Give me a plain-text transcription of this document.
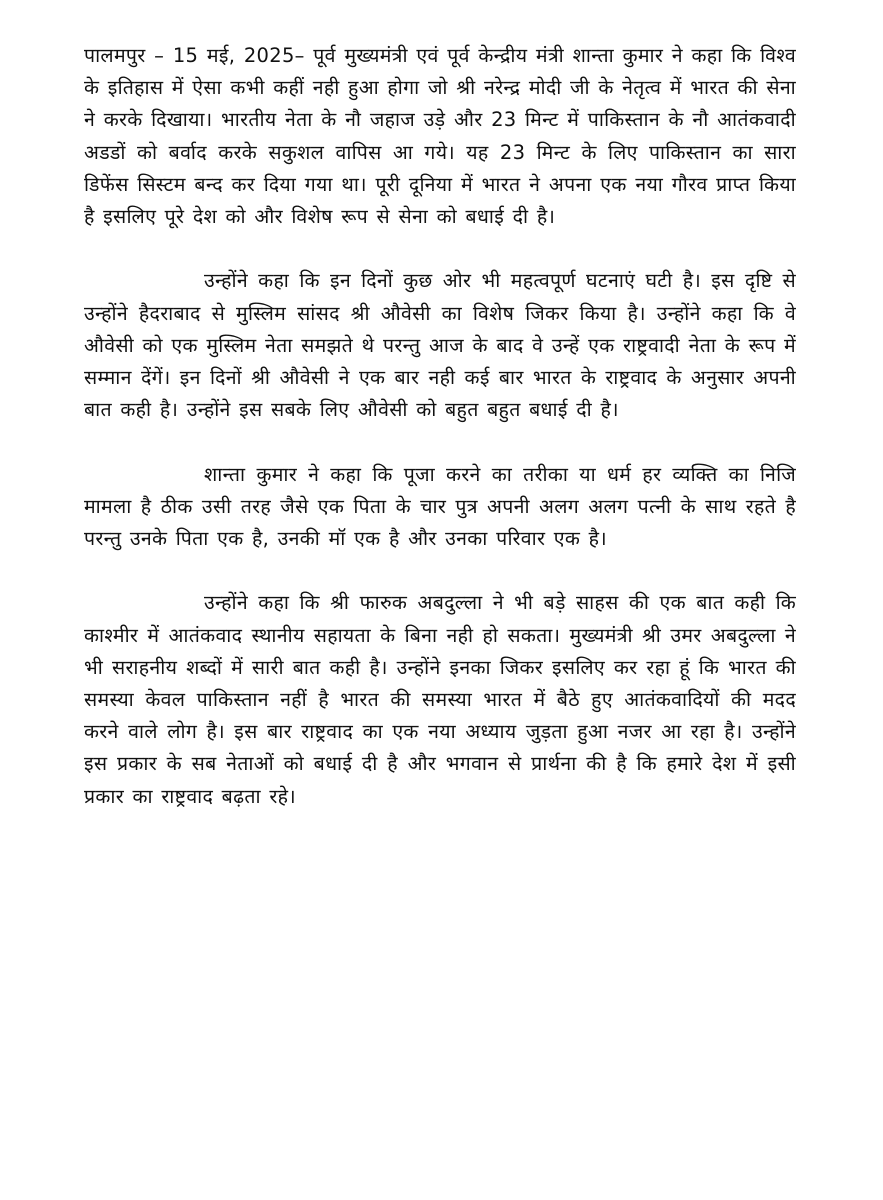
पालमपुर – 15 मई, 2025– पूर्व मुख्यमंत्री एवं पूर्व केन्द्रीय मंत्री शान्ता कुमार ने कहा कि विश्व के इतिहास में ऐसा कभी कहीं नही हुआ होगा जो श्री नरेन्द्र मोदी जी के नेतृत्व में भारत की सेना ने करके दिखाया। भारतीय नेता के नौ जहाज उड़े और 23 मिन्ट में पाकिस्तान के नौ आतंकवादी अडडों को बर्वाद करके सकुशल वापिस आ गये। यह 23 मिन्ट के लिए पाकिस्तान का सारा डिफेंस सिस्टम बन्द कर दिया गया था। पूरी दूनिया में भारत ने अपना एक नया गौरव प्राप्त किया है इसलिए पूरे देश को और विशेष रूप से सेना को बधाई दी है।

उन्होंने कहा कि इन दिनों कुछ ओर भी महत्वपूर्ण घटनाएं घटी है। इस दृष्टि से उन्होंने हैदराबाद से मुस्लिम सांसद श्री औवेसी का विशेष जिकर किया है। उन्होंने कहा कि वे औवेसी को एक मुस्लिम नेता समझते थे परन्तु आज के बाद वे उन्हें एक राष्ट्रवादी नेता के रूप में सम्मान देंगें। इन दिनों श्री औवेसी ने एक बार नही कई बार भारत के राष्ट्रवाद के अनुसार अपनी बात कही है। उन्होंने इस सबके लिए औवेसी को बहुत बहुत बधाई दी है।

शान्ता कुमार ने कहा कि पूजा करने का तरीका या धर्म हर व्यक्ति का निजि मामला है ठीक उसी तरह जैसे एक पिता के चार पुत्र अपनी अलग अलग पत्नी के साथ रहते है परन्तु उनके पिता एक है, उनकी मॉ एक है और उनका परिवार एक है।

उन्होंने कहा कि श्री फारुक अबदुल्ला ने भी बड़े साहस की एक बात कही कि काश्मीर में आतंकवाद स्थानीय सहायता के बिना नही हो सकता। मुख्यमंत्री श्री उमर अबदुल्ला ने भी सराहनीय शब्दों में सारी बात कही है। उन्होंने इनका जिकर इसलिए कर रहा हूं कि भारत की समस्या केवल पाकिस्तान नहीं है भारत की समस्या भारत में बैठे हुए आतंकवादियों की मदद करने वाले लोग है। इस बार राष्ट्रवाद का एक नया अध्याय जुड़ता हुआ नजर आ रहा है। उन्होंने इस प्रकार के सब नेताओं को बधाई दी है और भगवान से प्रार्थना की है कि हमारे देश में इसी प्रकार का राष्ट्रवाद बढ़ता रहे।
